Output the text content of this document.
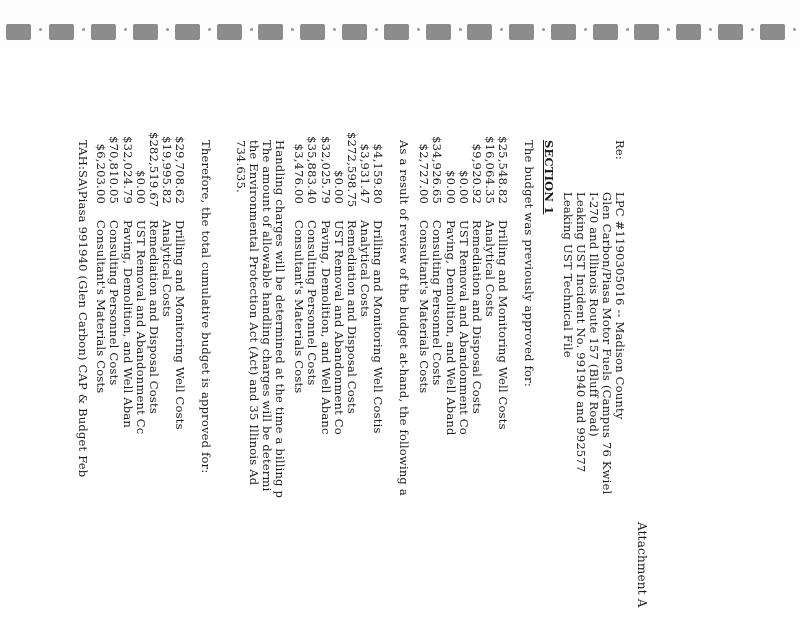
Attachment A
Re:
LPC #1190305016 -- Madison County
Glen Carbon/Piasa Motor Fuels (Campus 76 Kwiel
I-270 and Illinois Route 157 (Bluff Road)
Leaking UST Incident No. 991940 and 992577
Leaking UST Technical File
SECTION 1
The budget was previously approved for:
$25,548.82
Drilling and Monitoring Well Costs
$16,064.35
Analytical Costs
$9,920.92
Remediation and Disposal Costs
$0.00
UST Removal and Abandonment Co
$0.00
Paving, Demolition, and Well Aband
$34,926.65
Consulting Personnel Costs
$2,727.00
Consultant's Materials Costs
As a result of review of the budget at-hand, the following a
$4,159.80
Drilling and Monitoring Well Costis
$3,931.47
Analytical Costs
$272,598.75
Remediation and Disposal Costs
$0.00
UST Removal and Abandonment Co
$32,025.79
Paving, Demolition, and Well Abanc
$35,883.40
Consulting Personnel Costs
$3,476.00
Consultant's Materials Costs
Handling charges will be determined at the time a billing p
The amount of allowable handling charges will be determi
the Environmental Protection Act (Act) and 35 Illinois Ad
734.635.
Therefore, the total cumulative budget is approved for:
$29,708.62
Drilling and Monitoring Well Costs
$19,995.82
Analytical Costs
$282,519.67
Remediation and Disposal Costs
$0.00
UST Removal and Abandonment Cc
$32,024.79
Paving, Demolition, and Well Aban
$70,810.05
Consulting Personnel Costs
$6,203.00
Consultant's Materials Costs
TAH:SA\Piasa 991940 (Glen Carbon) CAP & Budget Feb
